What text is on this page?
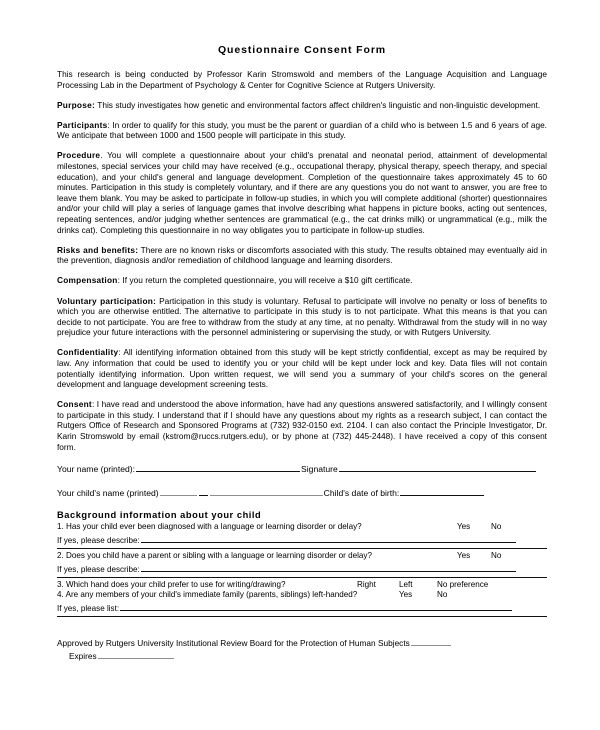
Questionnaire Consent Form

This research is being conducted by Professor Karin Stromswold and members of the Language Acquisition and Language Processing Lab in the Department of Psychology & Center for Cognitive Science at Rutgers University.

Purpose: This study investigates how genetic and environmental factors affect children's linguistic and non-linguistic development.

Participants: In order to qualify for this study, you must be the parent or guardian of a child who is between 1.5 and 6 years of age. We anticipate that between 1000 and 1500 people will participate in this study.

Procedure. You will complete a questionnaire about your child's prenatal and neonatal period, attainment of developmental milestones, special services your child may have received (e.g., occupational therapy, physical therapy, speech therapy, and special education), and your child's general and language development. Completion of the questionnaire takes approximately 45 to 60 minutes. Participation in this study is completely voluntary, and if there are any questions you do not want to answer, you are free to leave them blank. You may be asked to participate in follow-up studies, in which you will complete additional (shorter) questionnaires and/or your child will play a series of language games that involve describing what happens in picture books, acting out sentences, repeating sentences, and/or judging whether sentences are grammatical (e.g., the cat drinks milk) or ungrammatical (e.g., milk the drinks cat). Completing this questionnaire in no way obligates you to participate in follow-up studies.

Risks and benefits: There are no known risks or discomforts associated with this study. The results obtained may eventually aid in the prevention, diagnosis and/or remediation of childhood language and learning disorders.

Compensation: If you return the completed questionnaire, you will receive a $10 gift certificate.

Voluntary participation: Participation in this study is voluntary. Refusal to participate will involve no penalty or loss of benefits to which you are otherwise entitled. The alternative to participate in this study is to not participate. What this means is that you can decide to not participate. You are free to withdraw from the study at any time, at no penalty. Withdrawal from the study will in no way prejudice your future interactions with the personnel administering or supervising the study, or with Rutgers University.

Confidentiality: All identifying information obtained from this study will be kept strictly confidential, except as may be required by law. Any information that could be used to identify you or your child will be kept under lock and key. Data files will not contain potentially identifying information. Upon written request, we will send you a summary of your child's scores on the general development and language development screening tests.

Consent: I have read and understood the above information, have had any questions answered satisfactorily, and I willingly consent to participate in this study. I understand that if I should have any questions about my rights as a research subject, I can contact the Rutgers Office of Research and Sponsored Programs at (732) 932-0150 ext. 2104. I can also contact the Principle Investigator, Dr. Karin Stromswold by email (kstrom@ruccs.rutgers.edu), or by phone at (732) 445-2448). I have received a copy of this consent form.

Your name (printed):	Signature
Your child's name (printed)	Child's date of birth:
Background information about your child
1. Has your child ever been diagnosed with a language or learning disorder or delay?	Yes	No
If yes, please describe:
2. Does you child have a parent or sibling with a language or learning disorder or delay?	Yes	No
If yes, please describe:
3. Which hand does your child prefer to use for writing/drawing?	Right	Left	No preference
4. Are any members of your child's immediate family (parents, siblings) left-handed?	Yes	No
If yes, please list:
Approved by Rutgers University Institutional Review Board for the Protection of Human Subjects
Expires
